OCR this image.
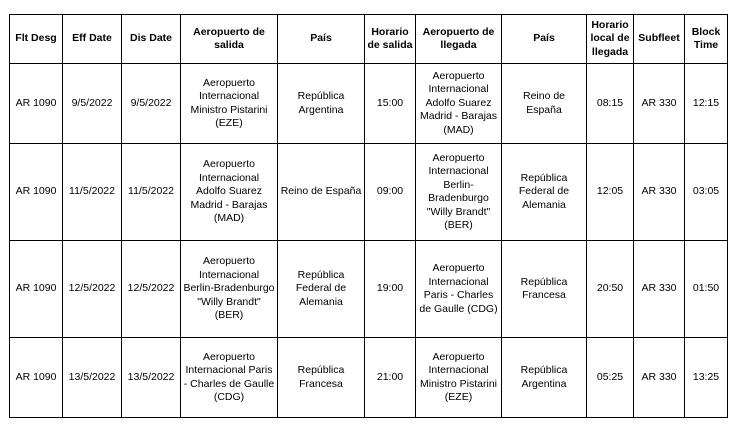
Flt Desg	Eff Date	Dis Date	Aeropuerto de salida	País	Horario de salida	Aeropuerto de llegada	País	Horario local de llegada	Subfleet	Block Time
AR 1090	9/5/2022	9/5/2022	Aeropuerto Internacional Ministro Pistarini (EZE)	República Argentina	15:00	Aeropuerto Internacional Adolfo Suarez Madrid - Barajas (MAD)	Reino de España	08:15	AR 330	12:15
AR 1090	11/5/2022	11/5/2022	Aeropuerto Internacional Adolfo Suarez Madrid - Barajas (MAD)	Reino de España	09:00	Aeropuerto Internacional Berlin-Bradenburgo "Willy Brandt" (BER)	República Federal de Alemania	12:05	AR 330	03:05
AR 1090	12/5/2022	12/5/2022	Aeropuerto Internacional Berlin-Bradenburgo "Willy Brandt" (BER)	República Federal de Alemania	19:00	Aeropuerto Internacional Paris - Charles de Gaulle (CDG)	República Francesa	20:50	AR 330	01:50
AR 1090	13/5/2022	13/5/2022	Aeropuerto Internacional Paris - Charles de Gaulle (CDG)	República Francesa	21:00	Aeropuerto Internacional Ministro Pistarini (EZE)	República Argentina	05:25	AR 330	13:25
